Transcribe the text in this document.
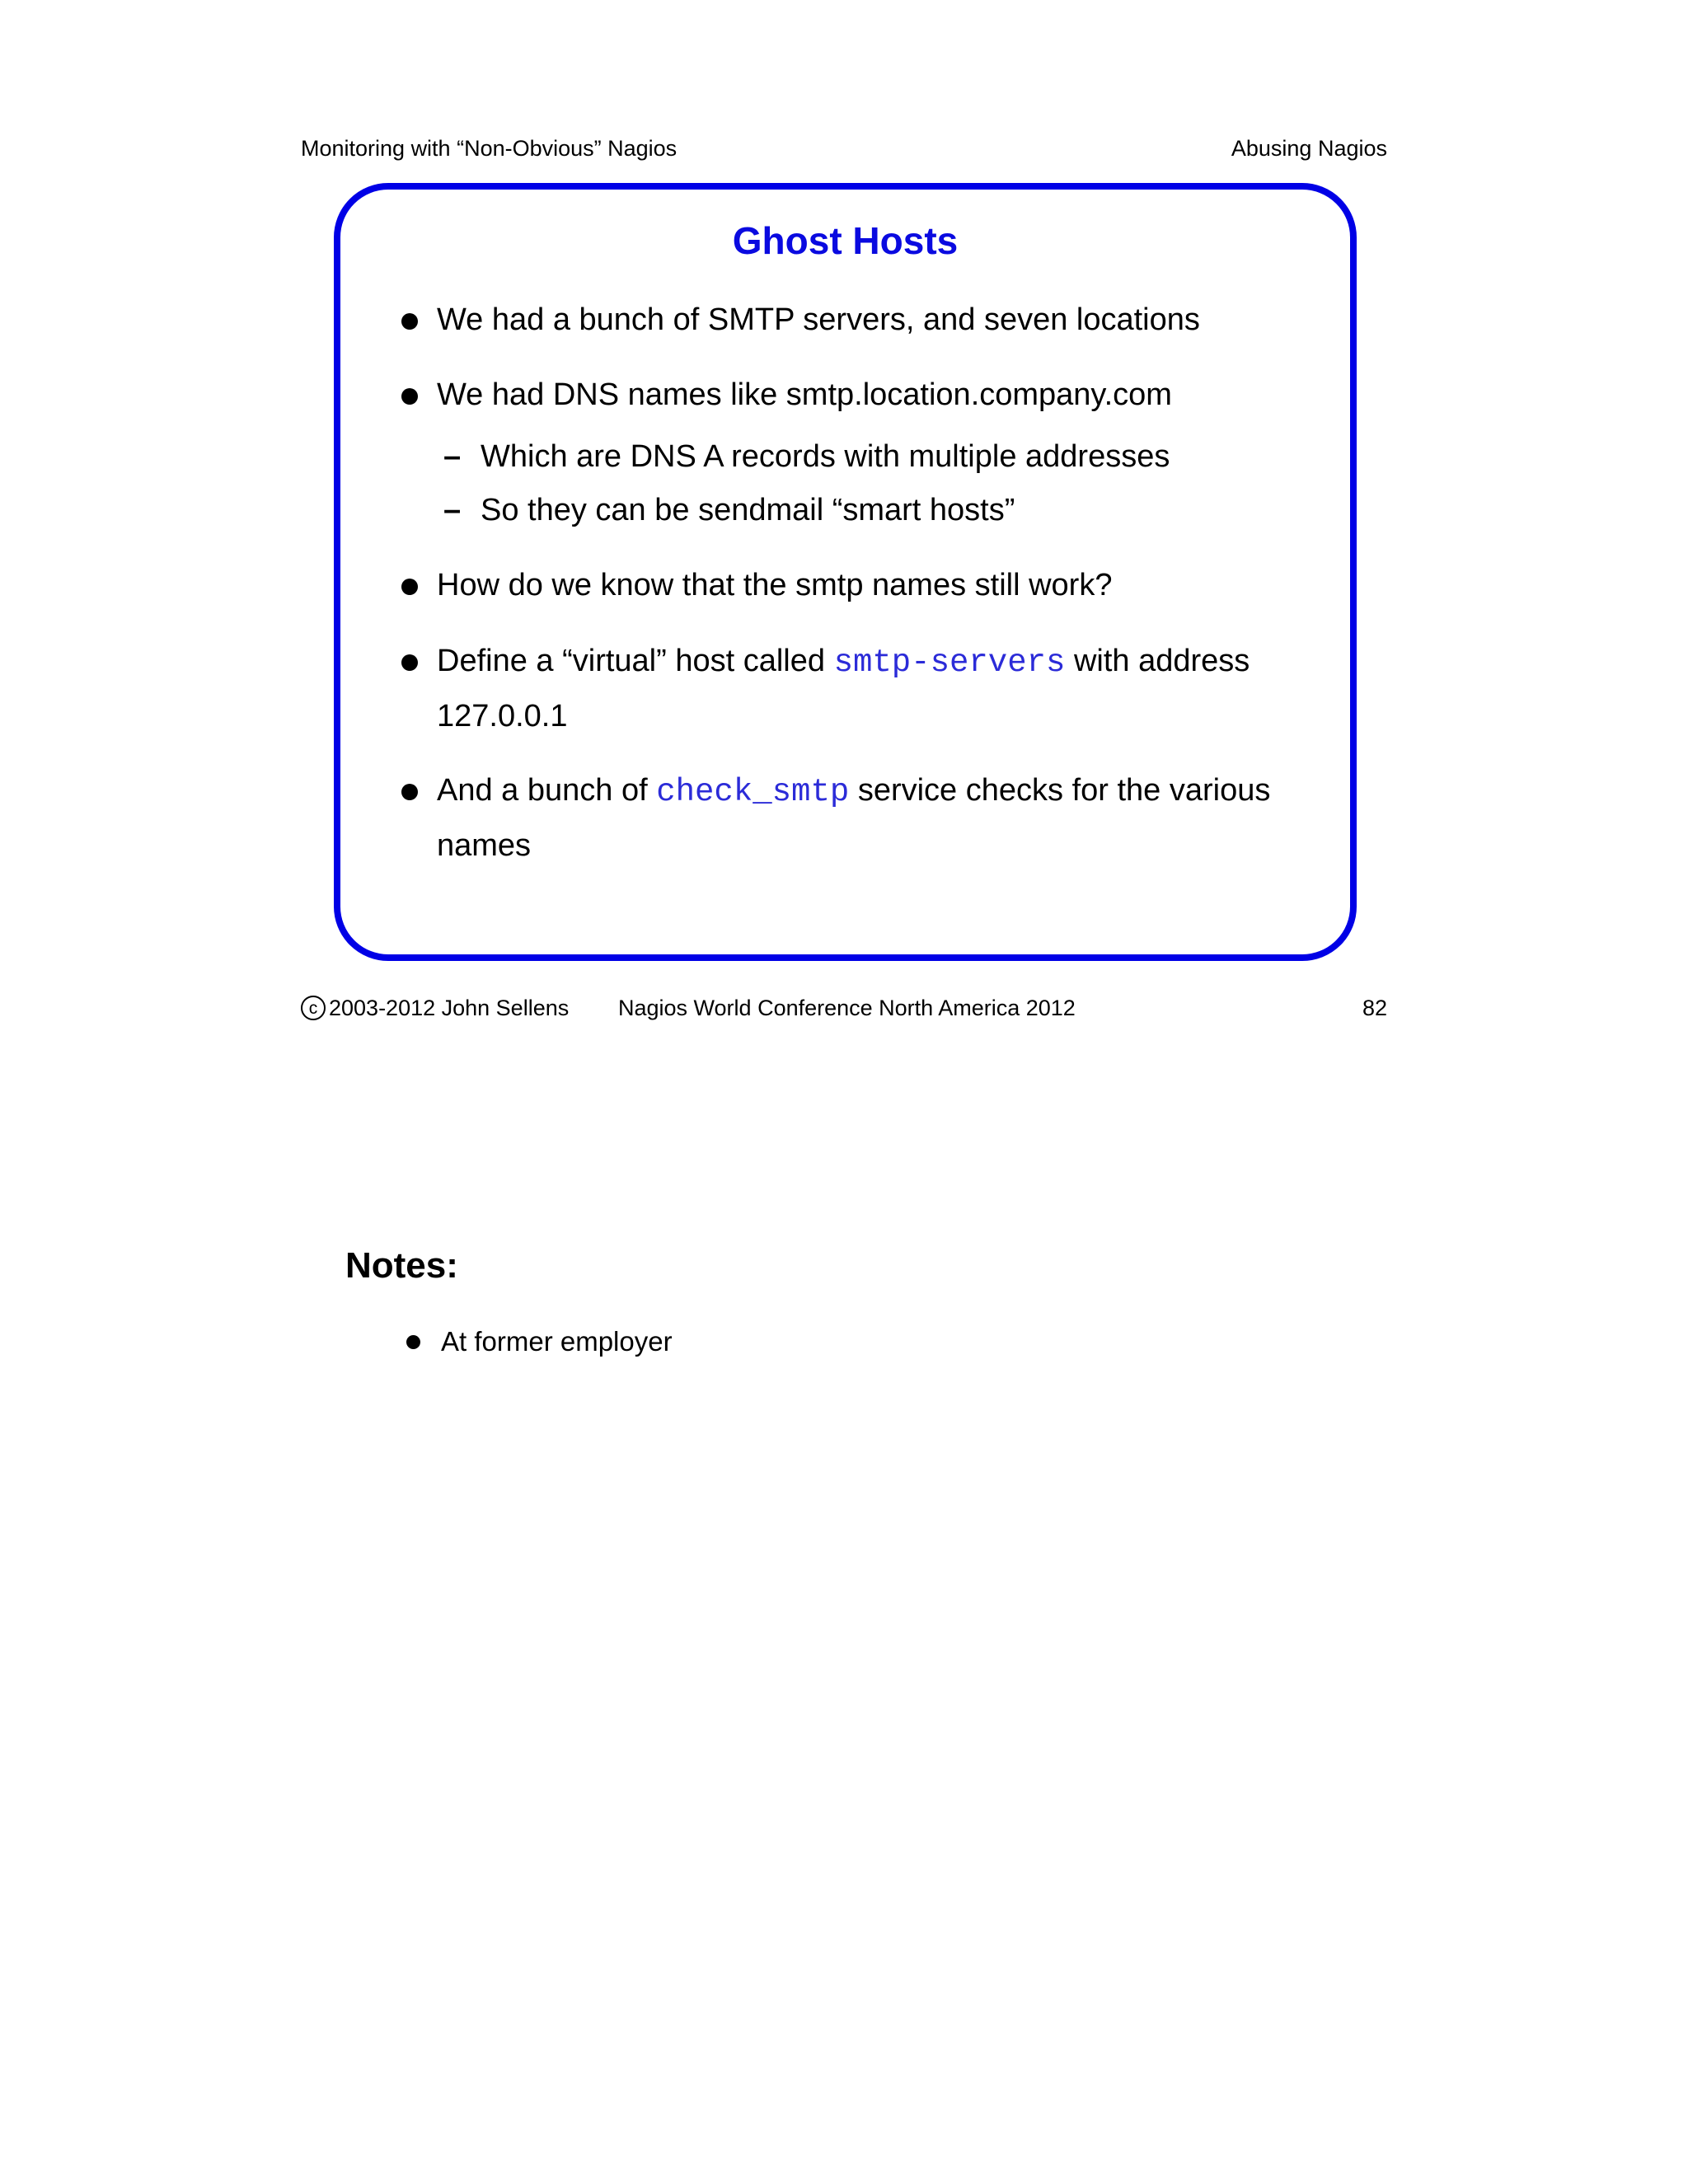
Monitoring with “Non-Obvious” Nagios	Abusing Nagios
Ghost Hosts
We had a bunch of SMTP servers, and seven locations
We had DNS names like smtp.location.company.com
– Which are DNS A records with multiple addresses
– So they can be sendmail “smart hosts”
How do we know that the smtp names still work?
Define a “virtual” host called smtp-servers with address 127.0.0.1
And a bunch of check_smtp service checks for the various names
c 2003-2012 John Sellens Nagios World Conference North America 2012	82
Notes:
At former employer
